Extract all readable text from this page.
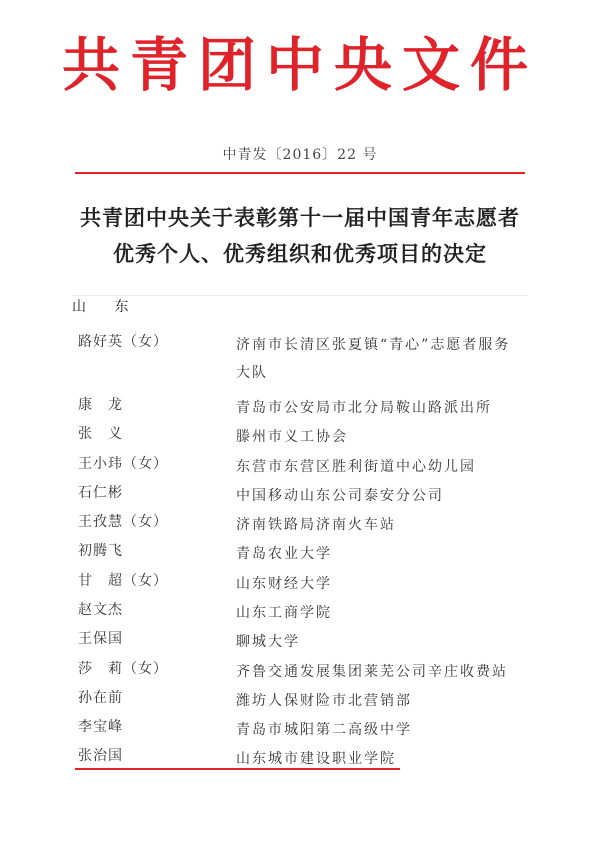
共青团中央文件
中青发〔2016〕22 号
共青团中央关于表彰第十一届中国青年志愿者
优秀个人、优秀组织和优秀项目的决定
山 东
路好英（女）	济南市长清区张夏镇“青心”志愿者服务大队
康　龙	青岛市公安局市北分局鞍山路派出所
张　义	滕州市义工协会
王小玮（女）	东营市东营区胜利街道中心幼儿园
石仁彬	中国移动山东公司泰安分公司
王孜慧（女）	济南铁路局济南火车站
初腾飞	青岛农业大学
甘　超（女）	山东财经大学
赵文杰	山东工商学院
王保国	聊城大学
莎　莉（女）	齐鲁交通发展集团莱芜公司辛庄收费站
孙在前	潍坊人保财险市北营销部
李宝峰	青岛市城阳第二高级中学
张治国	山东城市建设职业学院
